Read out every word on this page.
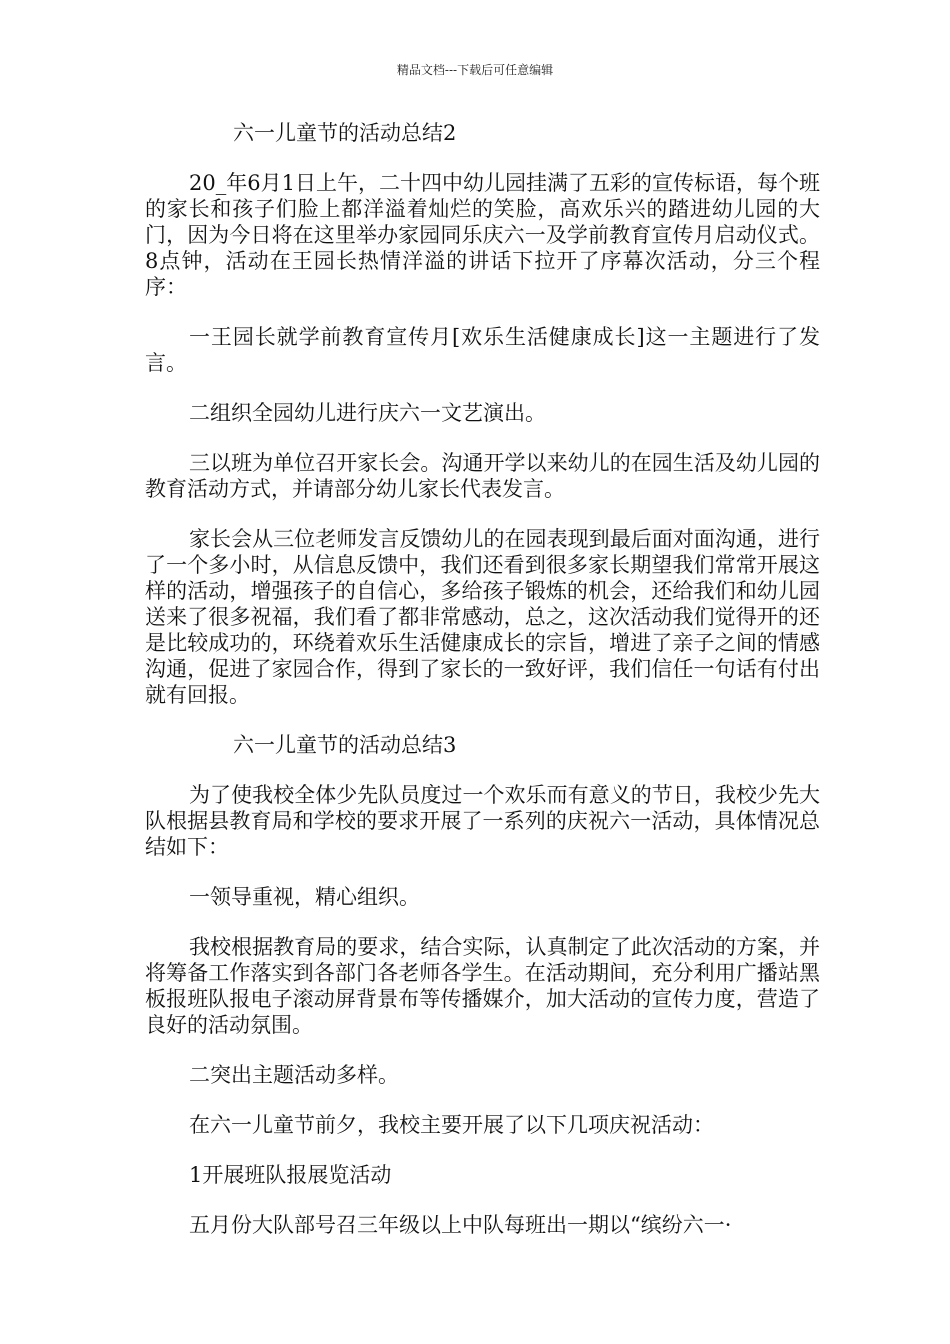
精品文档---下载后可任意编辑
六一儿童节的活动总结2
20_年6月1日上午，二十四中幼儿园挂满了五彩的宣传标语，每个班的家长和孩子们脸上都洋溢着灿烂的笑脸，高欢乐兴的踏进幼儿园的大门，因为今日将在这里举办家园同乐庆六一及学前教育宣传月启动仪式。8点钟，活动在王园长热情洋溢的讲话下拉开了序幕次活动，分三个程序：
一王园长就学前教育宣传月[欢乐生活健康成长]这一主题进行了发言。
二组织全园幼儿进行庆六一文艺演出。
三以班为单位召开家长会。沟通开学以来幼儿的在园生活及幼儿园的教育活动方式，并请部分幼儿家长代表发言。
家长会从三位老师发言反馈幼儿的在园表现到最后面对面沟通，进行了一个多小时，从信息反馈中，我们还看到很多家长期望我们常常开展这样的活动，增强孩子的自信心，多给孩子锻炼的机会，还给我们和幼儿园送来了很多祝福，我们看了都非常感动，总之，这次活动我们觉得开的还是比较成功的，环绕着欢乐生活健康成长的宗旨，增进了亲子之间的情感沟通，促进了家园合作，得到了家长的一致好评，我们信任一句话有付出就有回报。
六一儿童节的活动总结3
为了使我校全体少先队员度过一个欢乐而有意义的节日，我校少先大队根据县教育局和学校的要求开展了一系列的庆祝六一活动，具体情况总结如下：
一领导重视，精心组织。
我校根据教育局的要求，结合实际，认真制定了此次活动的方案，并将筹备工作落实到各部门各老师各学生。在活动期间，充分利用广播站黑板报班队报电子滚动屏背景布等传播媒介，加大活动的宣传力度，营造了良好的活动氛围。
二突出主题活动多样。
在六一儿童节前夕，我校主要开展了以下几项庆祝活动：
1开展班队报展览活动
五月份大队部号召三年级以上中队每班出一期以“缤纷六一·
